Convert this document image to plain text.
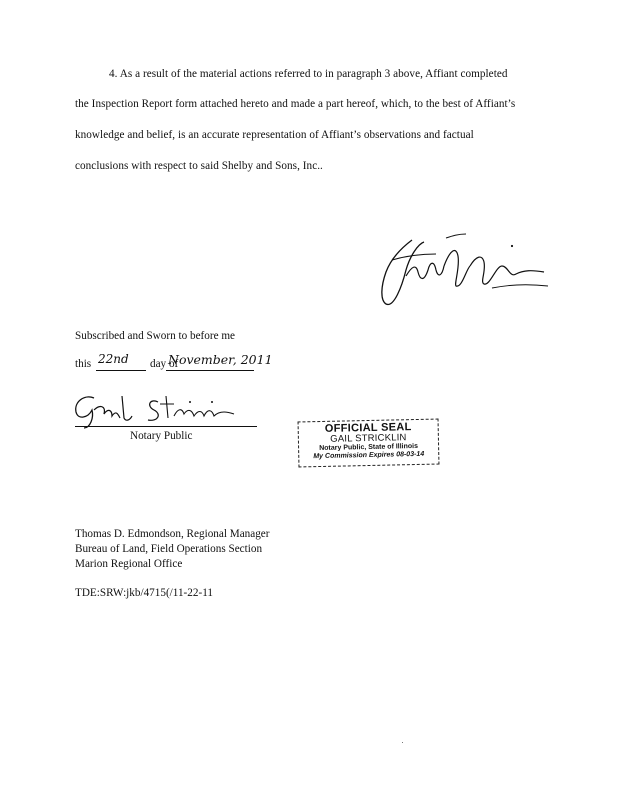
4. As a result of the material actions referred to in paragraph 3 above, Affiant completed
the Inspection Report form attached hereto and made a part hereof, which, to the best of Affiant’s
knowledge and belief, is an accurate representation of Affiant’s observations and factual
conclusions with respect to said Shelby and Sons, Inc..
Subscribed and Sworn to before me
this 22nd day of
November, 2011
Notary Public
OFFICIAL SEAL
GAIL STRICKLIN
Notary Public, State of Illinois
My Commission Expires 08-03-14
Thomas D. Edmondson, Regional Manager
Bureau of Land, Field Operations Section
Marion Regional Office
TDE:SRW:jkb/4715(/11-22-11
